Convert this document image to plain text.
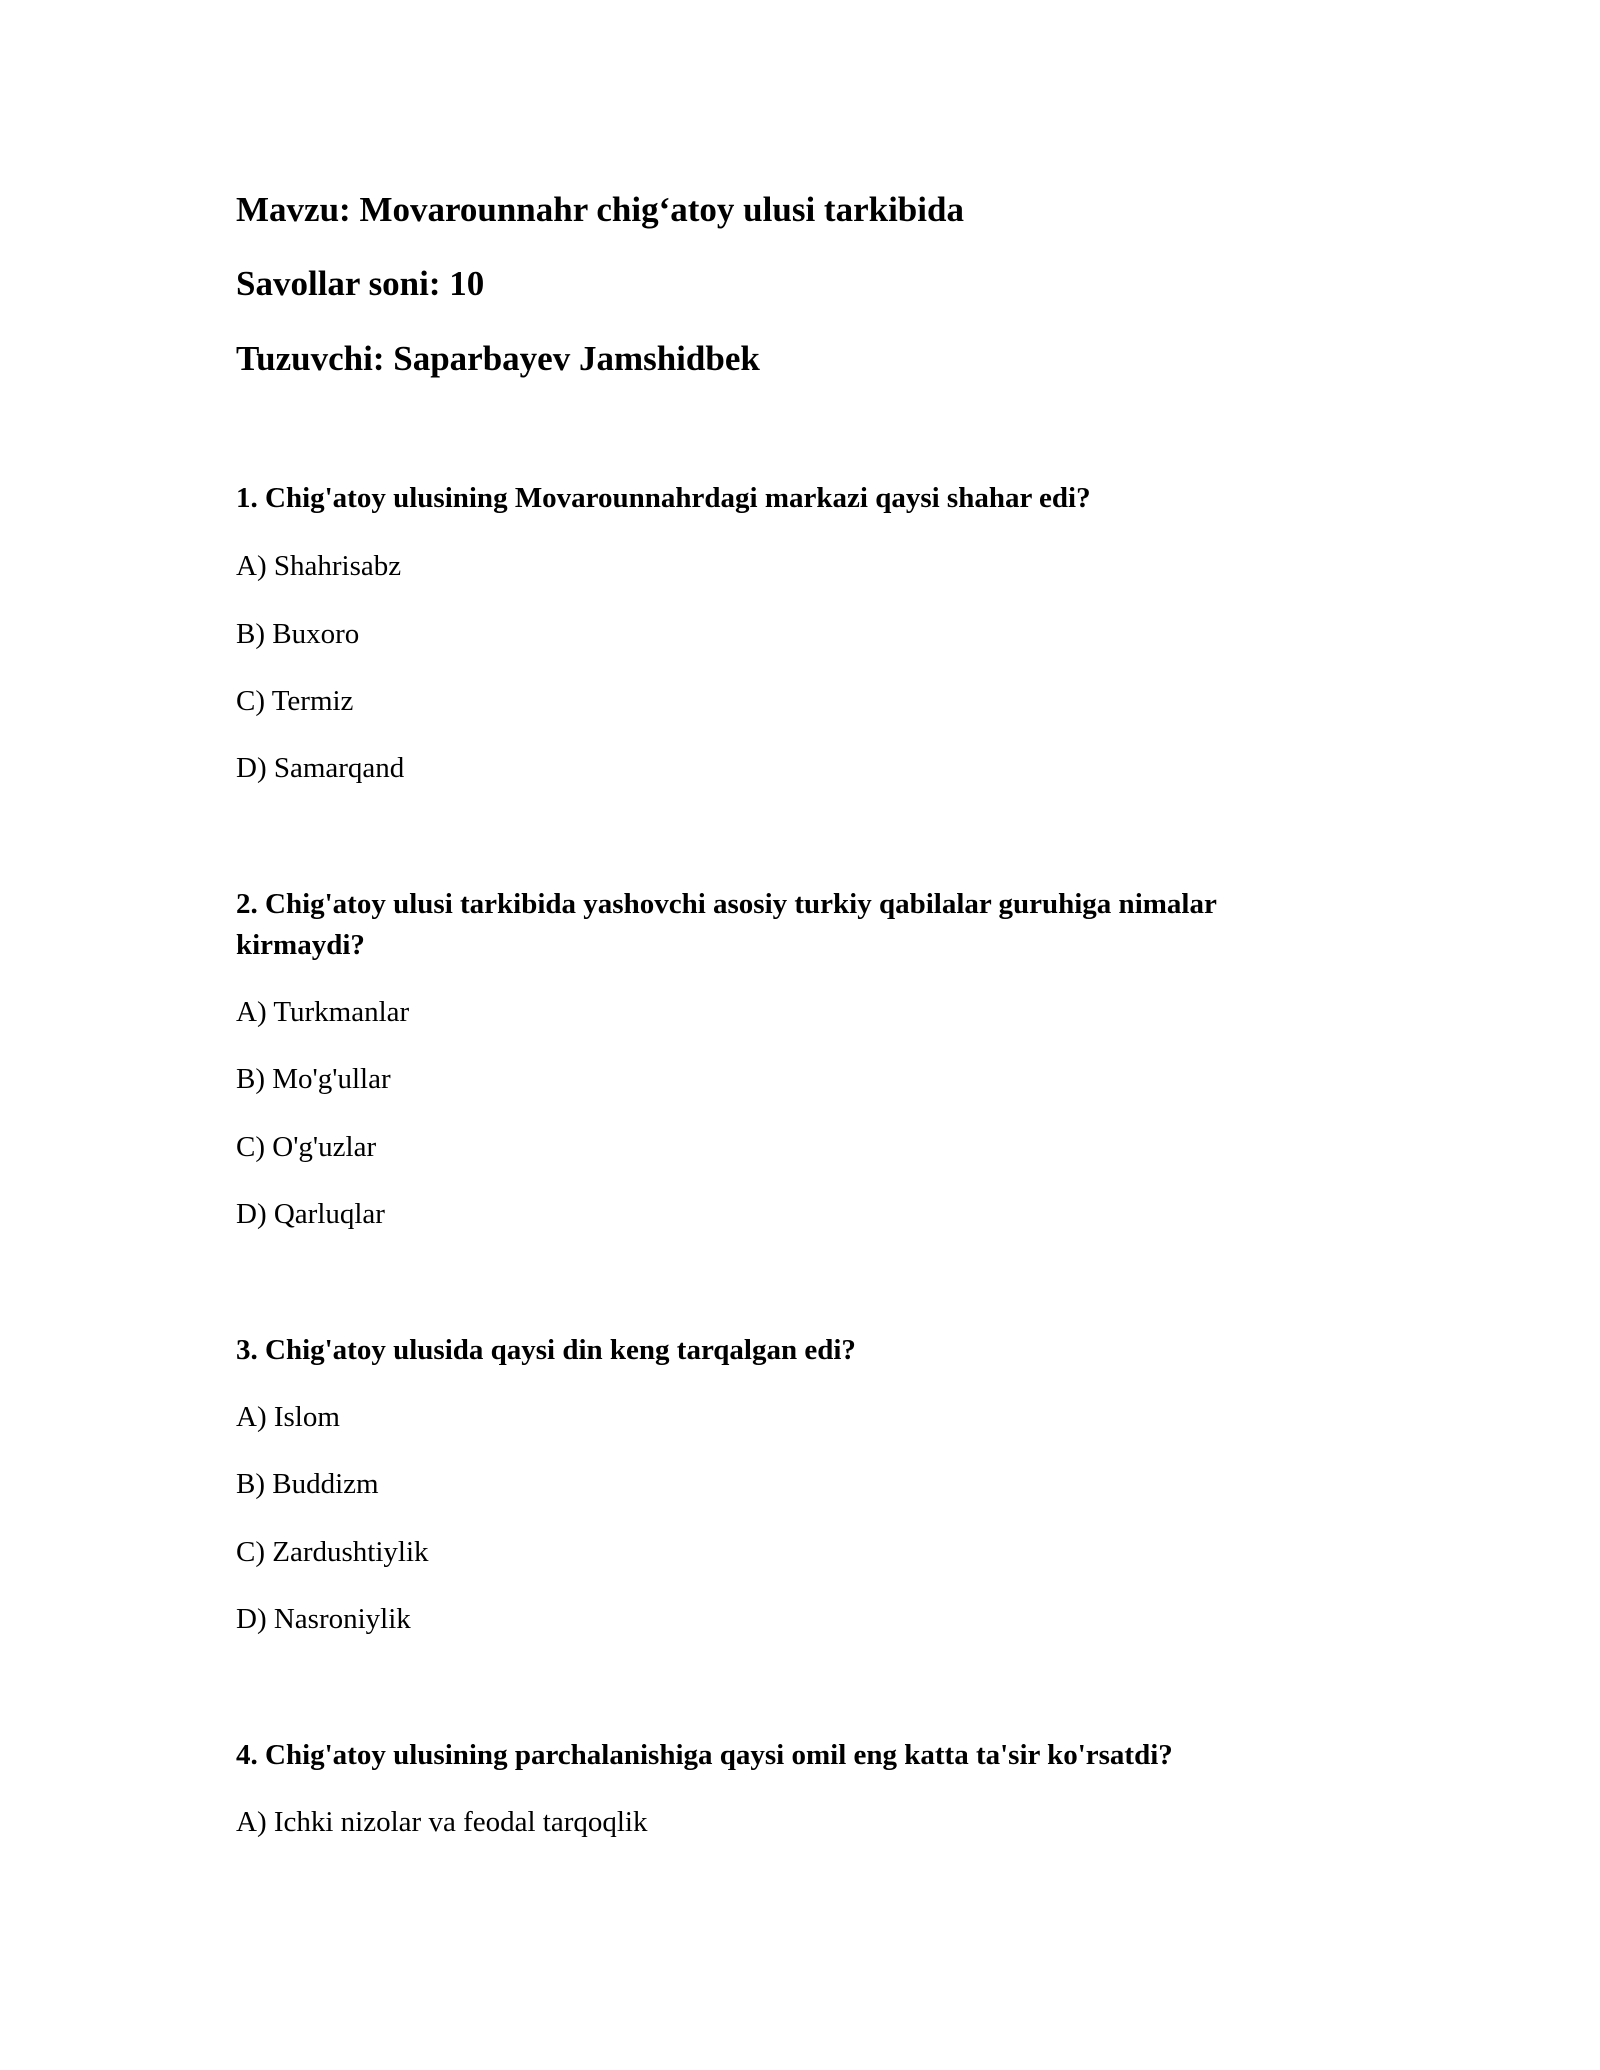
Mavzu: Movarounnahr chig‘atoy ulusi tarkibida
Savollar soni: 10
Tuzuvchi: Saparbayev Jamshidbek
1. Chig'atoy ulusining Movarounnahrdagi markazi qaysi shahar edi?
A) Shahrisabz
B) Buxoro
C) Termiz
D) Samarqand
2. Chig'atoy ulusi tarkibida yashovchi asosiy turkiy qabilalar guruhiga nimalar kirmaydi?
A) Turkmanlar
B) Mo'g'ullar
C) O'g'uzlar
D) Qarluqlar
3. Chig'atoy ulusida qaysi din keng tarqalgan edi?
A) Islom
B) Buddizm
C) Zardushtiylik
D) Nasroniylik
4. Chig'atoy ulusining parchalanishiga qaysi omil eng katta ta'sir ko'rsatdi?
A) Ichki nizolar va feodal tarqoqlik
